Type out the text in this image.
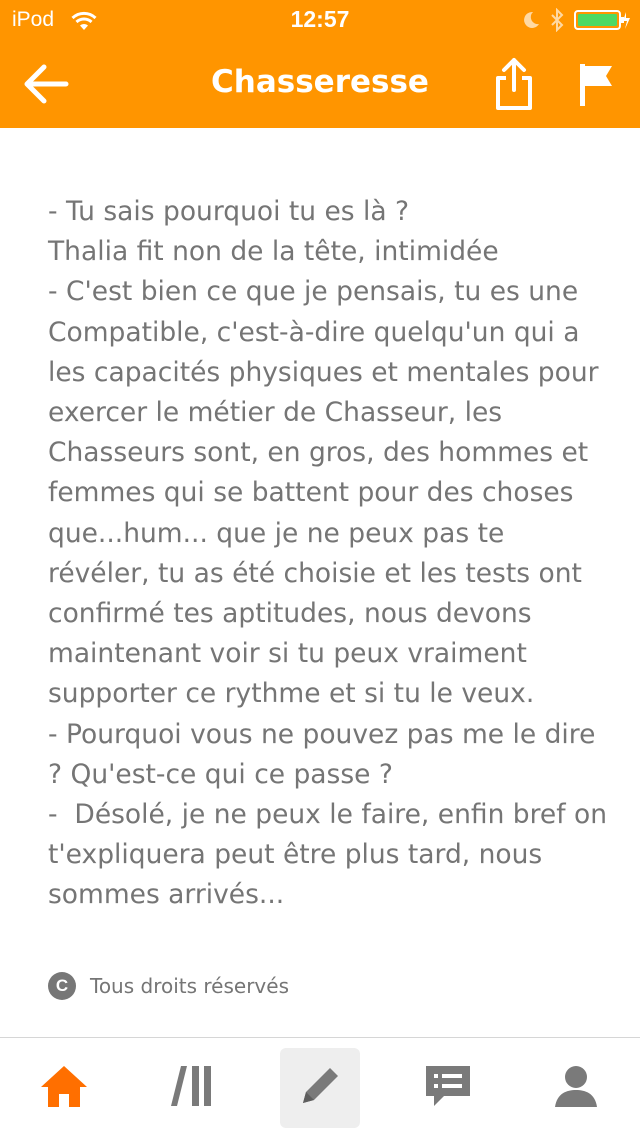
iPod	12:57
Chasseresse

- Tu sais pourquoi tu es là ?

Thalia fit non de la tête, intimidée

- C'est bien ce que je pensais, tu es une Compatible, c'est-à-dire quelqu'un qui a les capacités physiques et mentales pour exercer le métier de Chasseur, les Chasseurs sont, en gros, des hommes et femmes qui se battent pour des choses que...hum... que je ne peux pas te révéler, tu as été choisie et les tests ont confirmé tes aptitudes, nous devons maintenant voir si tu peux vraiment supporter ce rythme et si tu le veux.

- Pourquoi vous ne pouvez pas me le dire ? Qu'est-ce qui ce passe ?

-  Désolé, je ne peux le faire, enfin bref on t'expliquera peut être plus tard, nous sommes arrivés...

C	Tous droits réservés
